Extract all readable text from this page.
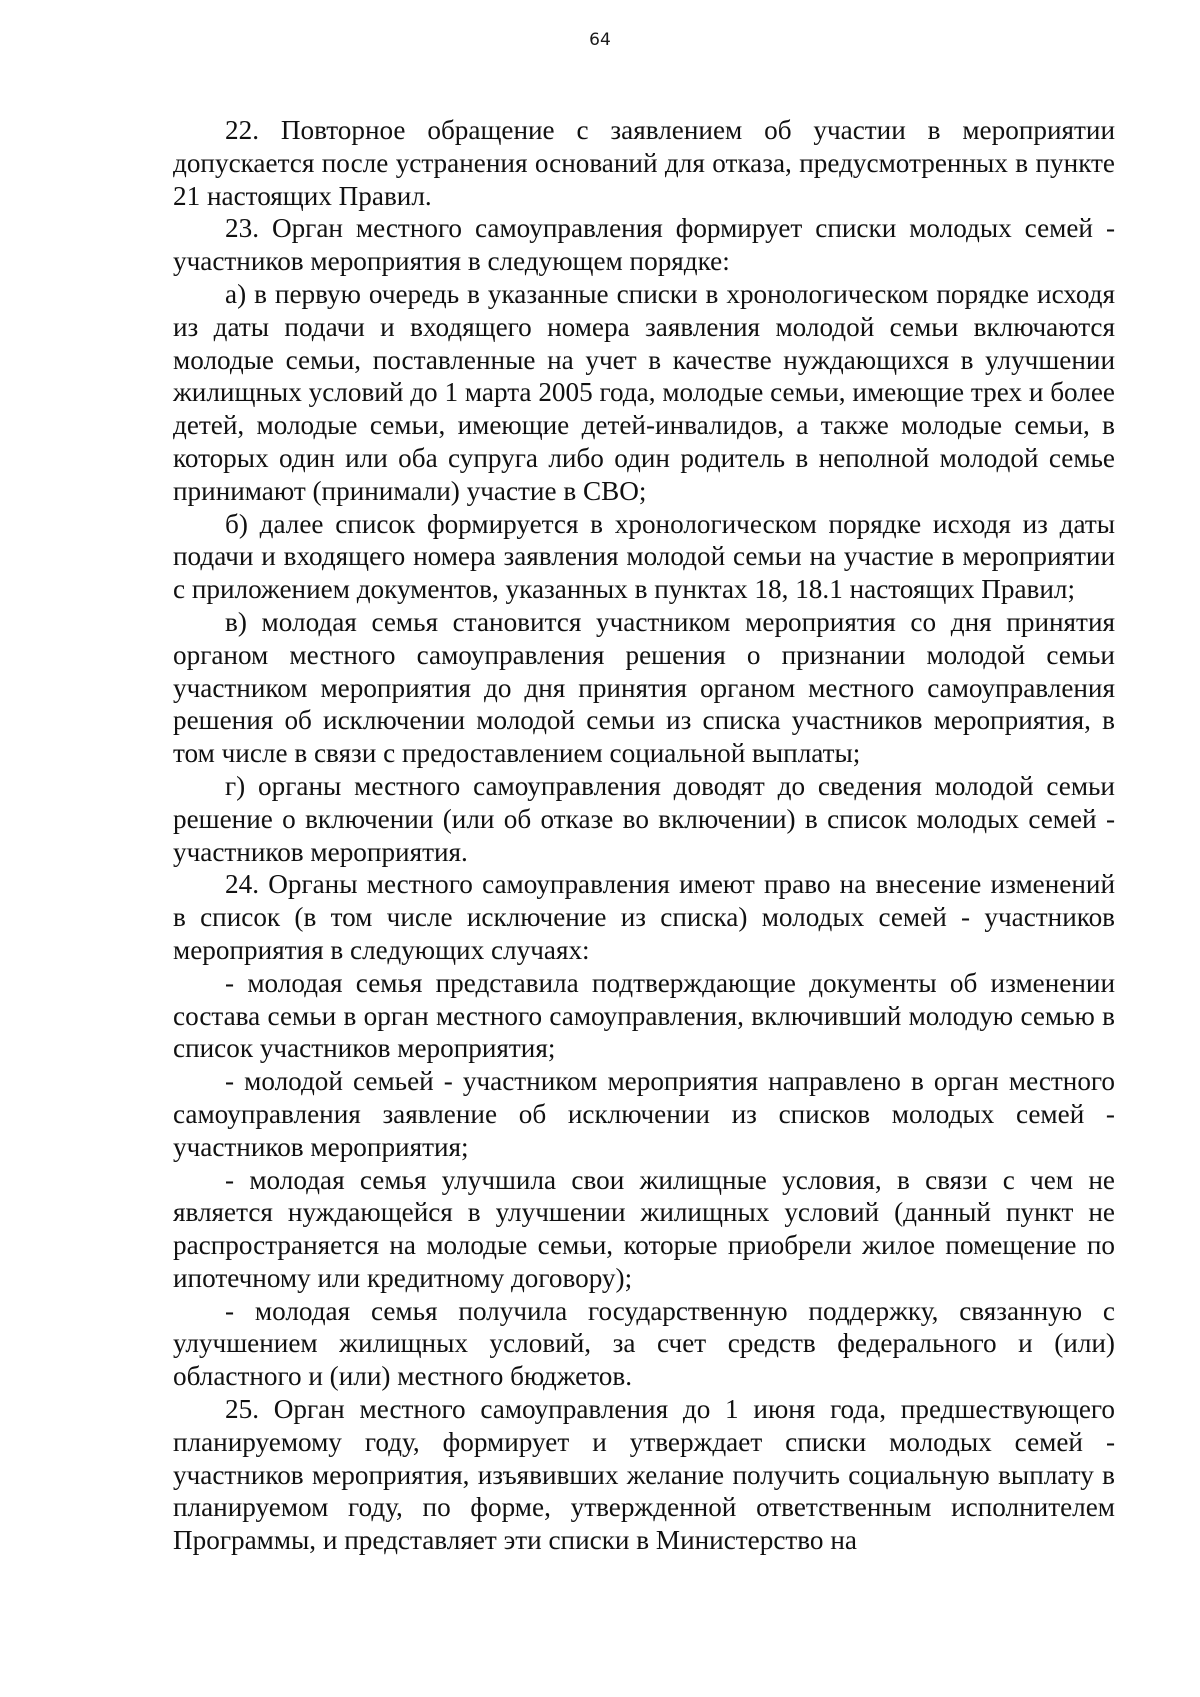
64

22. Повторное обращение с заявлением об участии в мероприятии допускается после устранения оснований для отказа, предусмотренных в пункте 21 настоящих Правил.

23. Орган местного самоуправления формирует списки молодых семей - участников мероприятия в следующем порядке:

а) в первую очередь в указанные списки в хронологическом порядке исходя из даты подачи и входящего номера заявления молодой семьи включаются молодые семьи, поставленные на учет в качестве нуждающихся в улучшении жилищных условий до 1 марта 2005 года, молодые семьи, имеющие трех и более детей, молодые семьи, имеющие детей-инвалидов, а также молодые семьи, в которых один или оба супруга либо один родитель в неполной молодой семье принимают (принимали) участие в СВО;

б) далее список формируется в хронологическом порядке исходя из даты подачи и входящего номера заявления молодой семьи на участие в мероприятии с приложением документов, указанных в пунктах 18, 18.1 настоящих Правил;

в) молодая семья становится участником мероприятия со дня принятия органом местного самоуправления решения о признании молодой семьи участником мероприятия до дня принятия органом местного самоуправления решения об исключении молодой семьи из списка участников мероприятия, в том числе в связи с предоставлением социальной выплаты;

г) органы местного самоуправления доводят до сведения молодой семьи решение о включении (или об отказе во включении) в список молодых семей - участников мероприятия.

24. Органы местного самоуправления имеют право на внесение изменений в список (в том числе исключение из списка) молодых семей - участников мероприятия в следующих случаях:

- молодая семья представила подтверждающие документы об изменении состава семьи в орган местного самоуправления, включивший молодую семью в список участников мероприятия;

- молодой семьей - участником мероприятия направлено в орган местного самоуправления заявление об исключении из списков молодых семей - участников мероприятия;

- молодая семья улучшила свои жилищные условия, в связи с чем не является нуждающейся в улучшении жилищных условий (данный пункт не распространяется на молодые семьи, которые приобрели жилое помещение по ипотечному или кредитному договору);

- молодая семья получила государственную поддержку, связанную с улучшением жилищных условий, за счет средств федерального и (или) областного и (или) местного бюджетов.

25. Орган местного самоуправления до 1 июня года, предшествующего планируемому году, формирует и утверждает списки молодых семей - участников мероприятия, изъявивших желание получить социальную выплату в планируемом году, по форме, утвержденной ответственным исполнителем Программы, и представляет эти списки в Министерство на
